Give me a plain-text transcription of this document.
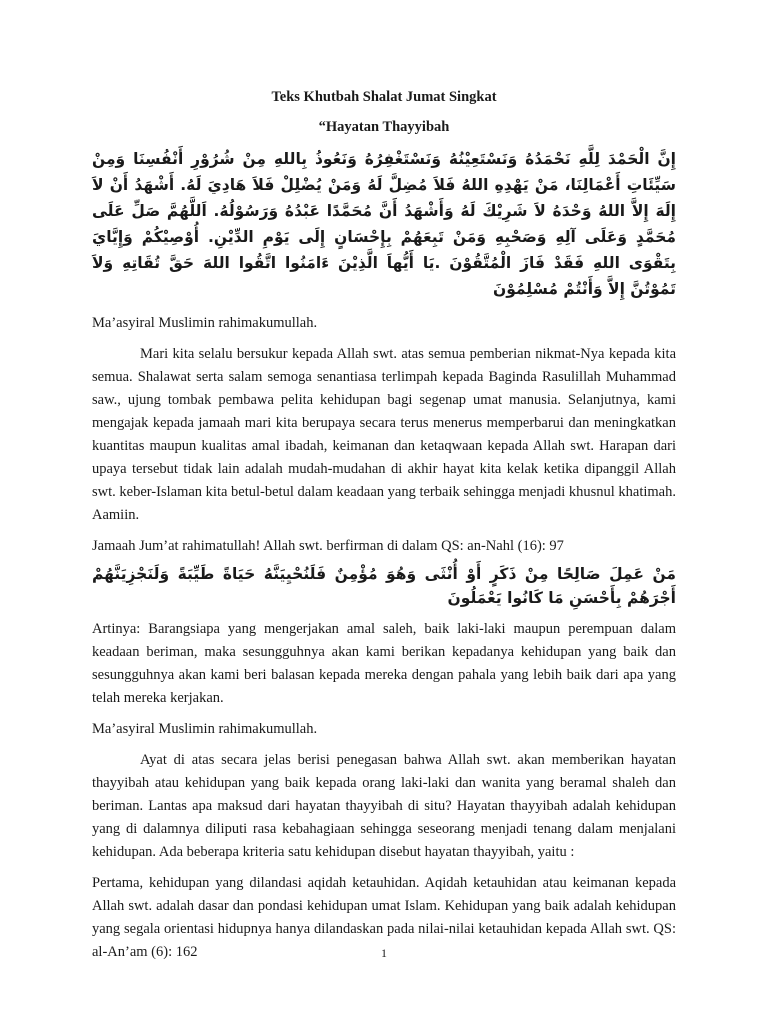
Teks Khutbah Shalat Jumat Singkat
“Hayatan Thayyibah

إِنَّ الْحَمْدَ لِلَّهِ نَحْمَدُهُ وَنَسْتَعِيْنُهُ وَنَسْتَغْفِرُهُ وَنَعُوذُ بِاللهِ مِنْ شُرُوْرِ أَنْفُسِنَا وَمِنْ سَيِّئَاتِ أَعْمَالِنَا، مَنْ يَهْدِهِ اللهُ فَلاَ مُضِلَّ لَهُ وَمَنْ يُضْلِلْ فَلاَ هَادِيَ لَهُ. أَشْهَدُ أَنْ لاَ إِلَهَ إِلاَّ اللهُ وَحْدَهُ لاَ شَرِيْكَ لَهُ وَأَشْهَدُ أَنَّ مُحَمَّدًا عَبْدُهُ وَرَسُوْلُهُ. اَللَّهُمَّ صَلِّ عَلَى مُحَمَّدٍ وَعَلَى آلِهِ وَصَحْبِهِ وَمَنْ تَبِعَهُمْ بِإِحْسَانٍ إِلَى يَوْمِ الدِّيْنِ. أُوْصِيْكُمْ وَإِيَّايَ بِتَقْوَى اللهِ فَقَدْ فَازَ الْمُتَّقُوْنَ .يَا أَيُّهاَ الَّذِيْنَ ءَامَنُوا اتَّقُوا اللهَ حَقَّ تُقَاتِهِ وَلاَ تَمُوْتُنَّ إِلاَّ وَأَنْتُمْ مُسْلِمُوْنَ

Ma’asyiral Muslimin rahimakumullah.

Mari kita selalu bersukur kepada Allah swt. atas semua pemberian nikmat-Nya kepada kita semua. Shalawat serta salam semoga senantiasa terlimpah kepada Baginda Rasulillah Muhammad saw., ujung tombak pembawa pelita kehidupan bagi segenap umat manusia. Selanjutnya, kami mengajak kepada jamaah mari kita berupaya secara terus menerus memperbarui dan meningkatkan kuantitas maupun kualitas amal ibadah, keimanan dan ketaqwaan kepada Allah swt. Harapan dari upaya tersebut tidak lain adalah mudah-mudahan di akhir hayat kita kelak ketika dipanggil Allah swt. keber-Islaman kita betul-betul dalam keadaan yang terbaik sehingga menjadi khusnul khatimah. Aamiin.

Jamaah Jum’at rahimatullah! Allah swt. berfirman di dalam QS: an-Nahl (16): 97

مَنْ عَمِلَ صَالِحًا مِنْ ذَكَرٍ أَوْ أُنْثَى وَهُوَ مُؤْمِنٌ فَلَنُحْيِيَنَّهُ حَيَاةً طَيِّبَةً وَلَنَجْزِيَنَّهُمْ أَجْرَهُمْ بِأَحْسَنِ مَا كَانُوا يَعْمَلُونَ

Artinya: Barangsiapa yang mengerjakan amal saleh, baik laki-laki maupun perempuan dalam keadaan beriman, maka sesungguhnya akan kami berikan kepadanya kehidupan yang baik dan sesungguhnya akan kami beri balasan kepada mereka dengan pahala yang lebih baik dari apa yang telah mereka kerjakan.

Ma’asyiral Muslimin rahimakumullah.

Ayat di atas secara jelas berisi penegasan bahwa Allah swt. akan memberikan hayatan thayyibah atau kehidupan yang baik kepada orang laki-laki dan wanita yang beramal shaleh dan beriman. Lantas apa maksud dari hayatan thayyibah di situ? Hayatan thayyibah adalah kehidupan yang di dalamnya diliputi rasa kebahagiaan sehingga seseorang menjadi tenang dalam menjalani kehidupan. Ada beberapa kriteria satu kehidupan disebut hayatan thayyibah, yaitu :

Pertama, kehidupan yang dilandasi aqidah ketauhidan. Aqidah ketauhidan atau keimanan kepada Allah swt. adalah dasar dan pondasi kehidupan umat Islam. Kehidupan yang baik adalah kehidupan yang segala orientasi hidupnya hanya dilandaskan pada nilai-nilai ketauhidan kepada Allah swt. QS: al-An’am (6): 162	1
